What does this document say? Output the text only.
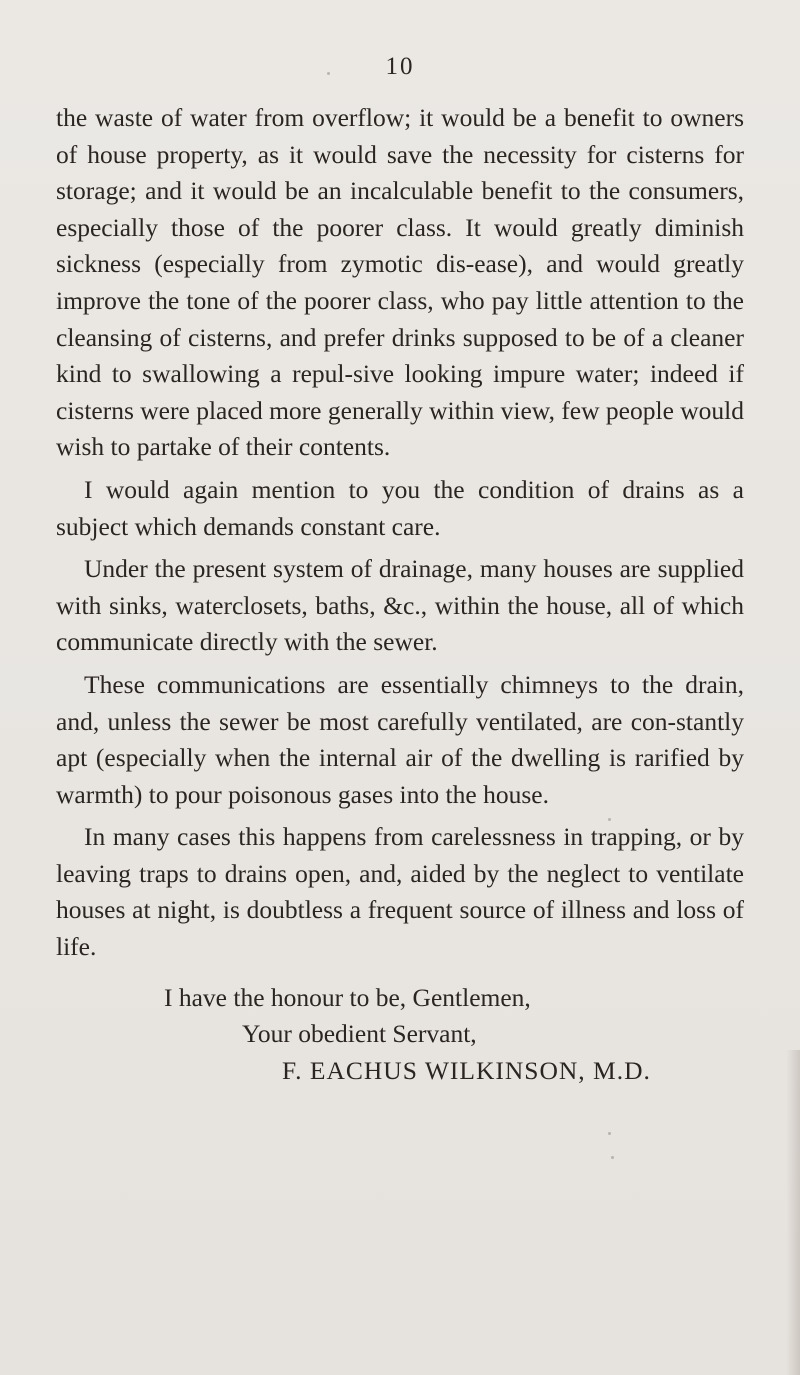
10

the waste of water from overflow; it would be a benefit to owners of house property, as it would save the necessity for cisterns for storage; and it would be an incalculable benefit to the consumers, especially those of the poorer class. It would greatly diminish sickness (especially from zymotic dis-ease), and would greatly improve the tone of the poorer class, who pay little attention to the cleansing of cisterns, and prefer drinks supposed to be of a cleaner kind to swallowing a repul-sive looking impure water; indeed if cisterns were placed more generally within view, few people would wish to partake of their contents.

I would again mention to you the condition of drains as a subject which demands constant care.

Under the present system of drainage, many houses are supplied with sinks, waterclosets, baths, &c., within the house, all of which communicate directly with the sewer.

These communications are essentially chimneys to the drain, and, unless the sewer be most carefully ventilated, are con-stantly apt (especially when the internal air of the dwelling is rarified by warmth) to pour poisonous gases into the house.

In many cases this happens from carelessness in trapping, or by leaving traps to drains open, and, aided by the neglect to ventilate houses at night, is doubtless a frequent source of illness and loss of life.

I have the honour to be, Gentlemen,
Your obedient Servant,
F. EACHUS WILKINSON, M.D.
